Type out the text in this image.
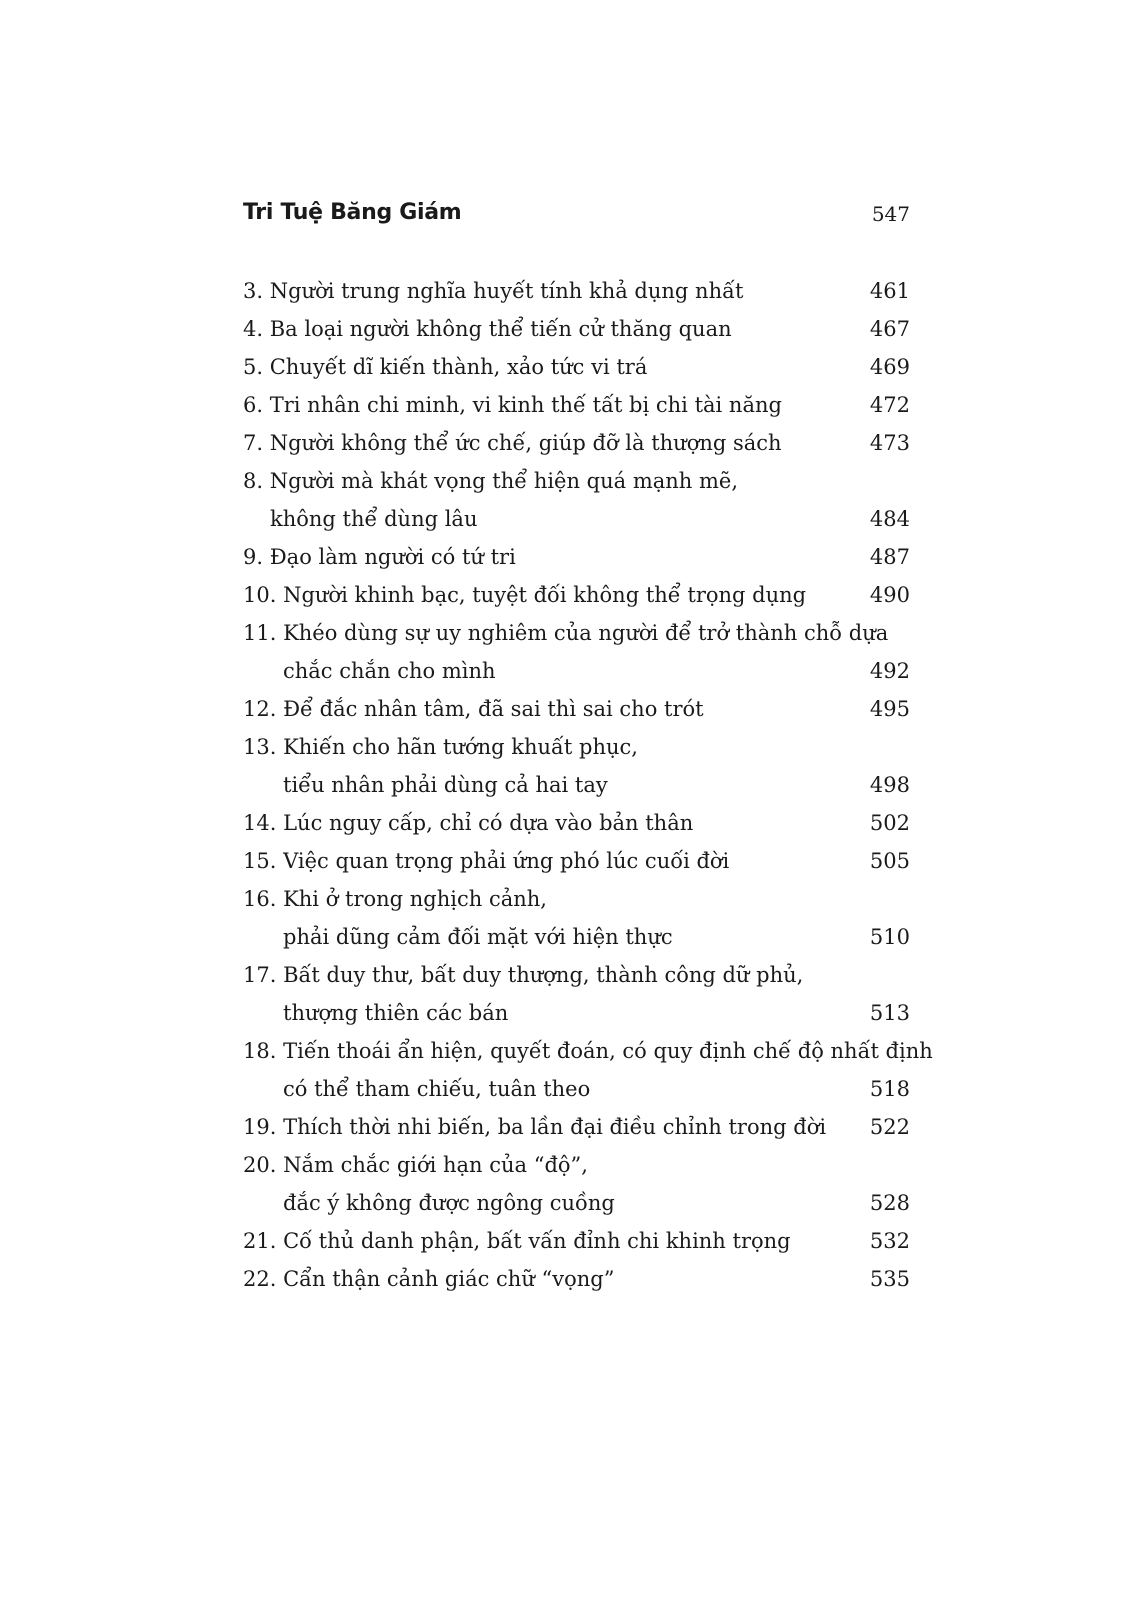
Tri Tuệ Băng Giám	547
3. Người trung nghĩa huyết tính khả dụng nhất	461
4. Ba loại người không thể tiến cử thăng quan	467
5. Chuyết dĩ kiến thành, xảo tức vi trá	469
6. Tri nhân chi minh, vi kinh thế tất bị chi tài năng	472
7. Người không thể ức chế, giúp đỡ là thượng sách	473
8. Người mà khát vọng thể hiện quá mạnh mẽ,
không thể dùng lâu	484
9. Đạo làm người có tứ tri	487
10. Người khinh bạc, tuyệt đối không thể trọng dụng	490
11. Khéo dùng sự uy nghiêm của người để trở thành chỗ dựa
chắc chắn cho mình	492
12. Để đắc nhân tâm, đã sai thì sai cho trót	495
13. Khiến cho hãn tướng khuất phục,
tiểu nhân phải dùng cả hai tay	498
14. Lúc nguy cấp, chỉ có dựa vào bản thân	502
15. Việc quan trọng phải ứng phó lúc cuối đời	505
16. Khi ở trong nghịch cảnh,
phải dũng cảm đối mặt với hiện thực	510
17. Bất duy thư, bất duy thượng, thành công dữ phủ,
thượng thiên các bán	513
18. Tiến thoái ẩn hiện, quyết đoán, có quy định chế độ nhất định
có thể tham chiếu, tuân theo	518
19. Thích thời nhi biến, ba lần đại điều chỉnh trong đời	522
20. Nắm chắc giới hạn của “độ”,
đắc ý không được ngông cuồng	528
21. Cố thủ danh phận, bất vấn đỉnh chi khinh trọng	532
22. Cẩn thận cảnh giác chữ “vọng”	535
